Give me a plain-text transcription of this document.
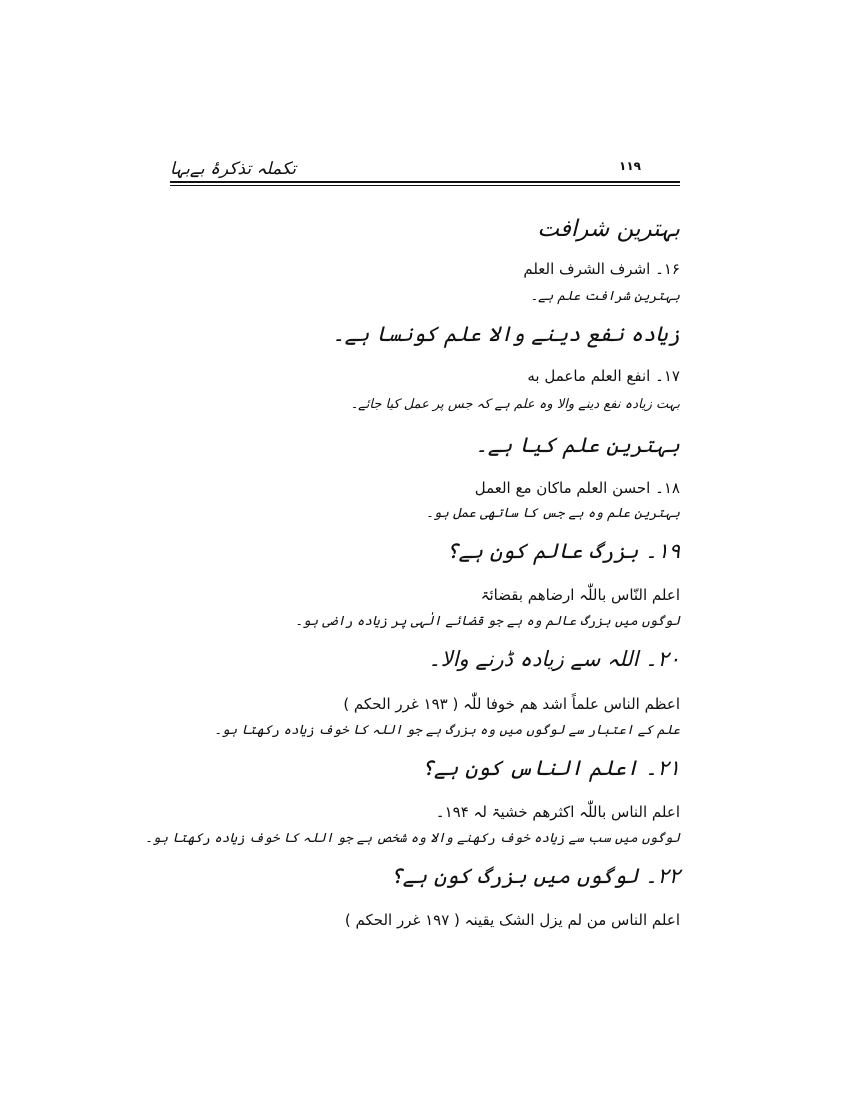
تکملہ تذکرۂ بےبہا	۱۱۹
بہترین شرافت
۱۶۔ اشرف الشرف العلم
بہترین شرافت علم ہے۔
زیادہ نفع دینے والا علم کونسا ہے۔
۱۷۔ انفع العلم ماعمل به
بہت زیادہ نفع دینے والا وہ علم ہے کہ جس پر عمل کیا جائے۔
بہترین علم کیا ہے۔
۱۸۔ احسن العلم ماکان مع العمل
بہترین علم وہ ہے جس کا ساتھی عمل ہو۔
۱۹۔ بزرگ عالم کون ہے؟
اعلم النّاس باللّٰہ ارضاھم بقضائۃ
لوگوں میں بزرگ عالم وہ ہے جو قضائے الٰہی پر زیادہ راضی ہو۔
۲۰۔ اللہ سے زیادہ ڈرنے والا۔
اعظم الناس علماً اشد ھم خوفا للّٰہ ( ۱۹۳ غرر الحکم )
علم کے اعتبار سے لوگوں میں وہ بزرگ ہے جو اللہ کا خوف زیادہ رکھتا ہو۔
۲۱۔ اعلم الناس کون ہے؟
اعلم الناس باللّٰہ اکثرھم خشیۃ لہ ۱۹۴۔
لوگوں میں سب سے زیادہ خوف رکھنے والا وہ شخص ہے جو اللہ کا خوف زیادہ رکھتا ہو۔
۲۲۔ لوگوں میں بزرگ کون ہے؟
اعلم الناس من لم یزل الشک یقینہ ( ۱۹۷ غرر الحکم )
